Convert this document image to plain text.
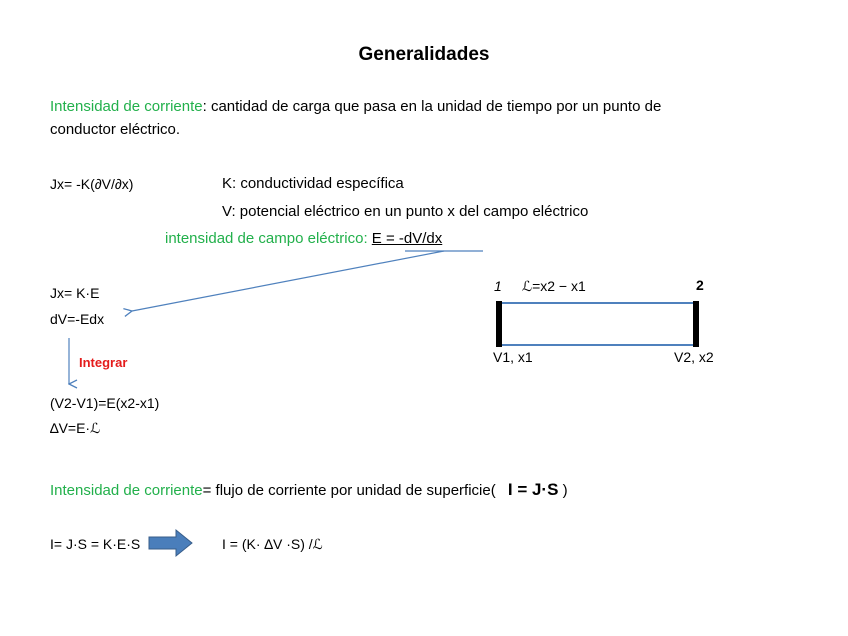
Generalidades
Intensidad de corriente: cantidad de carga que pasa en la unidad de tiempo por un punto de
conductor eléctrico.
Jx= -K(∂V/∂x)	K: conductividad específica
V: potencial eléctrico en un punto x del campo eléctrico
intensidad de campo eléctrico: E = -dV/dx
Jx= K·E
dV=-Edx
Integrar
(V2-V1)=E(x2-x1)
∆V=E·ℒ
1 ℒ=x2 − x1	2
V1, x1	V2, x2
Intensidad de corriente= flujo de corriente por unidad de superficie( I = J·S )
I= J·S = K·E·S	I = (K· ∆V ·S) /ℒ
